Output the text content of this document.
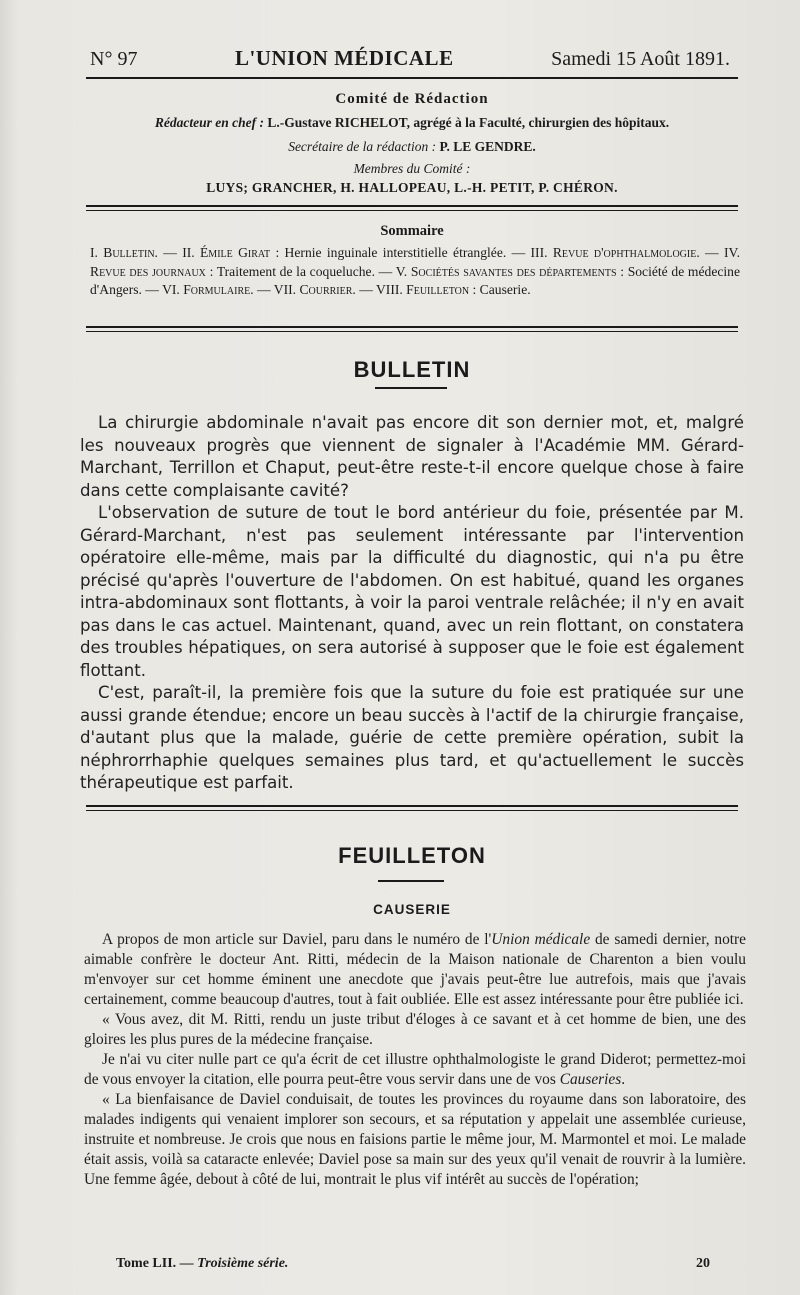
N° 97	L'UNION MÉDICALE	Samedi 15 Août 1891.
Comité de Rédaction
Rédacteur en chef : L.-Gustave RICHELOT, agrégé à la Faculté, chirurgien des hôpitaux.
Secrétaire de la rédaction : P. LE GENDRE.
Membres du Comité :
LUYS; GRANCHER, H. HALLOPEAU, L.-H. PETIT, P. CHÉRON.
Sommaire
I. Bulletin. — II. Émile Girat : Hernie inguinale interstitielle étranglée. — III. Revue d'ophthalmologie. — IV. Revue des journaux : Traitement de la coqueluche. — V. Sociétés savantes des départements : Société de médecine d'Angers. — VI. Formulaire. — VII. Courrier. — VIII. Feuilleton : Causerie.
BULLETIN

La chirurgie abdominale n'avait pas encore dit son dernier mot, et, malgré les nouveaux progrès que viennent de signaler à l'Académie MM. Gérard-Marchant, Terrillon et Chaput, peut-être reste-t-il encore quelque chose à faire dans cette complaisante cavité?

L'observation de suture de tout le bord antérieur du foie, présentée par M. Gérard-Marchant, n'est pas seulement intéressante par l'intervention opératoire elle-même, mais par la difficulté du diagnostic, qui n'a pu être précisé qu'après l'ouverture de l'abdomen. On est habitué, quand les organes intra-abdominaux sont flottants, à voir la paroi ventrale relâchée; il n'y en avait pas dans le cas actuel. Maintenant, quand, avec un rein flottant, on constatera des troubles hépatiques, on sera autorisé à supposer que le foie est également flottant.

C'est, paraît-il, la première fois que la suture du foie est pratiquée sur une aussi grande étendue; encore un beau succès à l'actif de la chirurgie française, d'autant plus que la malade, guérie de cette première opération, subit la néphrorrhaphie quelques semaines plus tard, et qu'actuellement le succès thérapeutique est parfait.

FEUILLETON
CAUSERIE

A propos de mon article sur Daviel, paru dans le numéro de l'Union médicale de samedi dernier, notre aimable confrère le docteur Ant. Ritti, médecin de la Maison nationale de Charenton a bien voulu m'envoyer sur cet homme éminent une anecdote que j'avais peut-être lue autrefois, mais que j'avais certainement, comme beaucoup d'autres, tout à fait oubliée. Elle est assez intéressante pour être publiée ici.

« Vous avez, dit M. Ritti, rendu un juste tribut d'éloges à ce savant et à cet homme de bien, une des gloires les plus pures de la médecine française.

Je n'ai vu citer nulle part ce qu'a écrit de cet illustre ophthalmologiste le grand Diderot; permettez-moi de vous envoyer la citation, elle pourra peut-être vous servir dans une de vos Causeries.

« La bienfaisance de Daviel conduisait, de toutes les provinces du royaume dans son laboratoire, des malades indigents qui venaient implorer son secours, et sa réputation y appelait une assemblée curieuse, instruite et nombreuse. Je crois que nous en faisions partie le même jour, M. Marmontel et moi. Le malade était assis, voilà sa cataracte enlevée; Daviel pose sa main sur des yeux qu'il venait de rouvrir à la lumière. Une femme âgée, debout à côté de lui, montrait le plus vif intérêt au succès de l'opération;

Tome LII. — Troisième série.	20
